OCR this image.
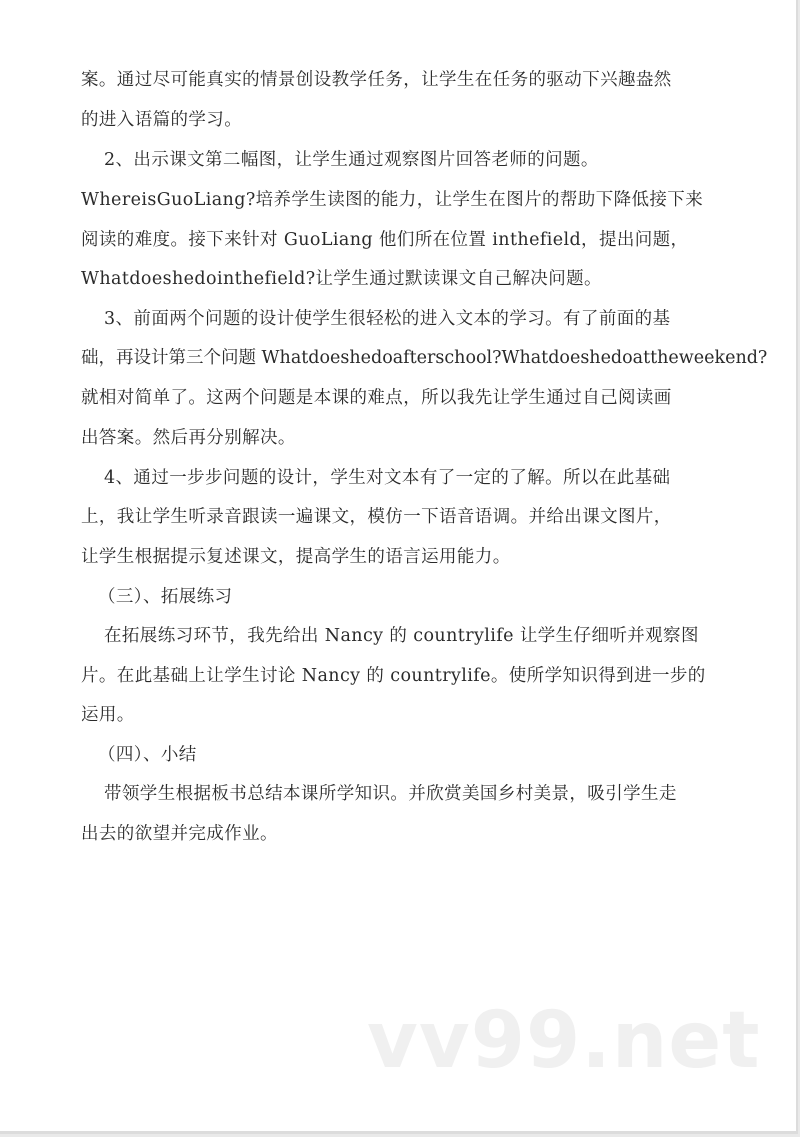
案。通过尽可能真实的情景创设教学任务，让学生在任务的驱动下兴趣盎然
的进入语篇的学习。
2、出示课文第二幅图，让学生通过观察图片回答老师的问题。
WhereisGuoLiang?培养学生读图的能力，让学生在图片的帮助下降低接下来
阅读的难度。接下来针对 GuoLiang 他们所在位置 inthefield，提出问题，
Whatdoeshedointhefield?让学生通过默读课文自己解决问题。
3、前面两个问题的设计使学生很轻松的进入文本的学习。有了前面的基
础，再设计第三个问题 Whatdoeshedoafterschool?Whatdoeshedoattheweekend?
就相对简单了。这两个问题是本课的难点，所以我先让学生通过自己阅读画
出答案。然后再分别解决。
4、通过一步步问题的设计，学生对文本有了一定的了解。所以在此基础
上，我让学生听录音跟读一遍课文，模仿一下语音语调。并给出课文图片，
让学生根据提示复述课文，提高学生的语言运用能力。
（三）、拓展练习
在拓展练习环节，我先给出 Nancy 的 countrylife 让学生仔细听并观察图
片。在此基础上让学生讨论 Nancy 的 countrylife。使所学知识得到进一步的
运用。
（四）、小结
带领学生根据板书总结本课所学知识。并欣赏美国乡村美景，吸引学生走
出去的欲望并完成作业。
vv99.net
